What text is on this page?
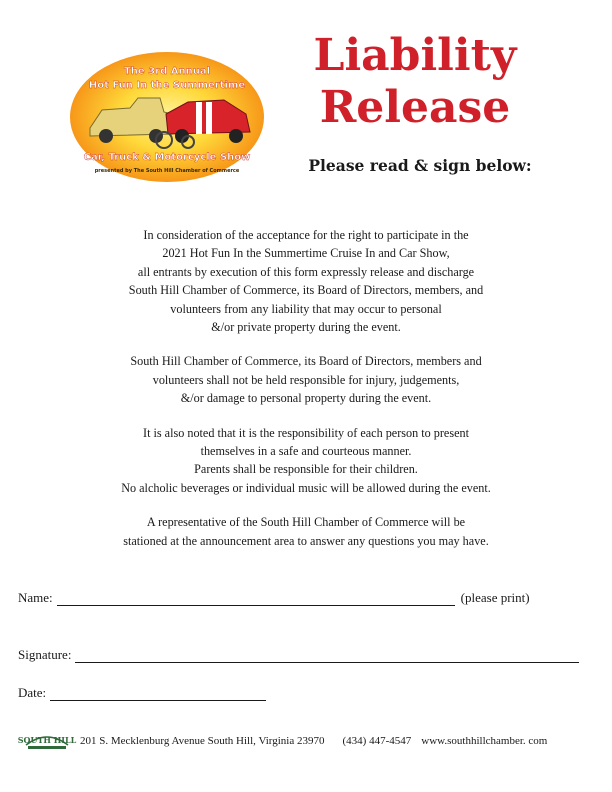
The 3rd Annual
Hot Fun In the Summertime
Car, Truck & Motorcycle Show
presented by The South Hill Chamber of Commerce
Liability
Release
Please read & sign below:

In consideration of the acceptance for the right to participate in the
2021 Hot Fun In the Summertime Cruise In and Car Show,
all entrants by execution of this form expressly release and discharge
South Hill Chamber of Commerce, its Board of Directors, members, and
volunteers from any liability that may occur to personal
&/or private property during the event.

South Hill Chamber of Commerce, its Board of Directors, members and
volunteers shall not be held responsible for injury, judgements,
&/or damage to personal property during the event.

It is also noted that it is the responsibility of each person to present
themselves in a safe and courteous manner.
Parents shall be responsible for their children.
No alcholic beverages or individual music will be allowed during the event.

A representative of the South Hill Chamber of Commerce will be
stationed at the announcement area to answer any questions you may have.

Name:	(please print)
Signature:
Date:
SOUTH HILL 201 S. Mecklenburg Avenue South Hill, Virginia 23970 (434) 447-4547 www.southhillchamber. com
